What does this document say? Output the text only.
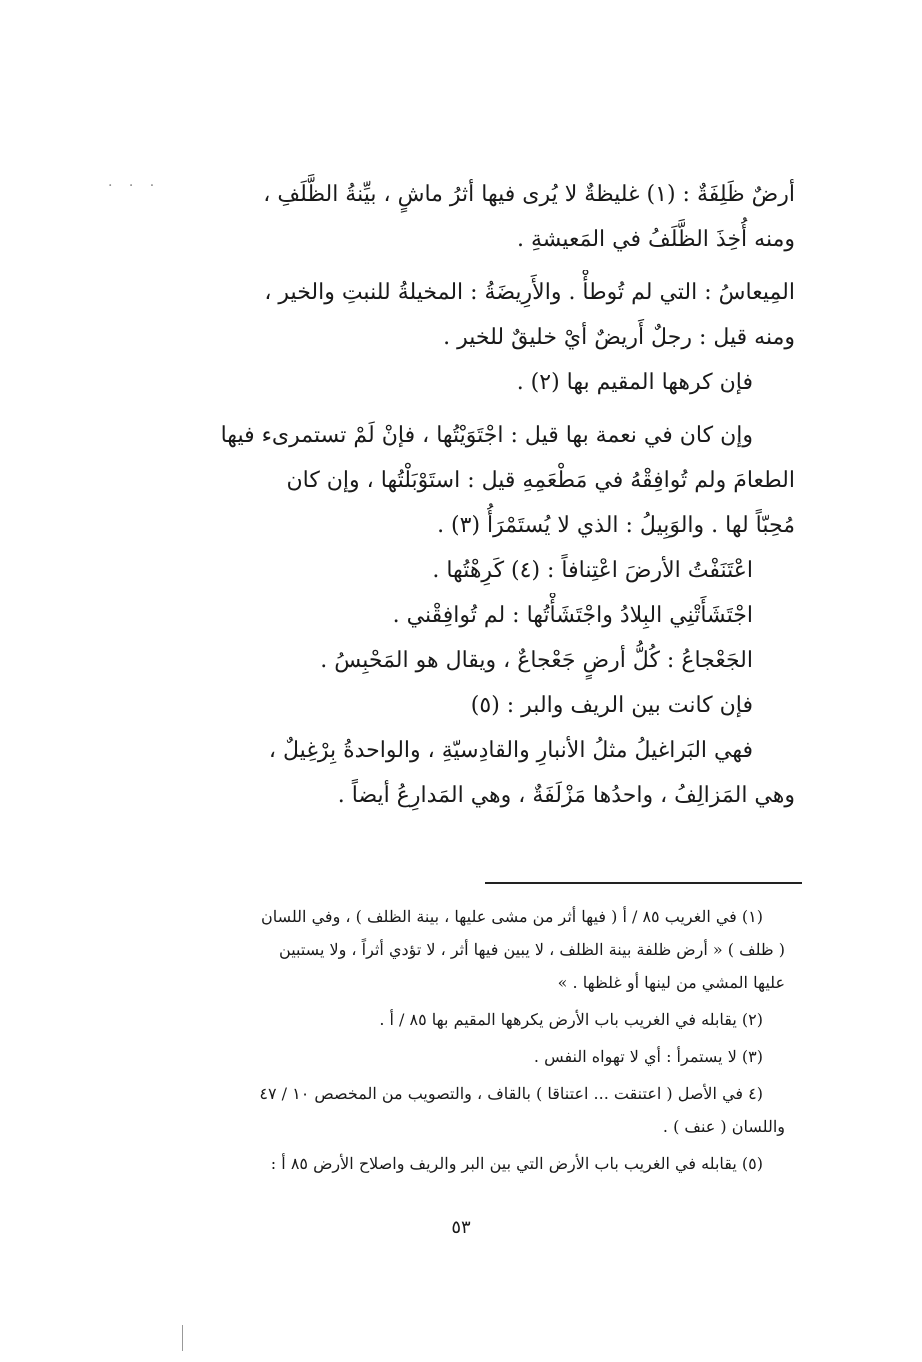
· · ·	أرضٌ ظَلِفَةٌ : (١) غليظةٌ لا يُرى فيها أثرُ ماشٍ ، بيِّنةُ الظَّلَفِ ،
ومنه أُخِذَ الظَّلَفُ في المَعيشةِ .
المِيعاسُ : التي لم تُوطأْ . والأَرِيضَةُ : المخيلةُ للنبتِ والخير ،
ومنه قيل : رجلٌ أَريضٌ أيْ خليقٌ للخير .
فإن كرهها المقيم بها (٢) .
وإن كان في نعمة بها قيل : اجْتَوَيْتُها ، فإنْ لَمْ تستمرىء فيها
الطعامَ ولم تُوافِقْهُ في مَطْعَمِهِ قيل : استَوْبَلْتُها ، وإن كان
مُحِبّاً لها . والوَبِيلُ : الذي لا يُستَمْرَأُ (٣) .
اعْتَنَفْتُ الأرضَ اعْتِنافاً : (٤) كَرِهْتُها .
اجْتَشَأَتْنِي البِلادُ واجْتَشَأْتُها : لم تُوافِقْني .
الجَعْجاعُ : كُلُّ أرضٍ جَعْجاعٌ ، ويقال هو المَحْبِسُ .
فإن كانت بين الريف والبر : (٥)
فهي البَراغيلُ مثلُ الأنبارِ والقادِسيّةِ ، والواحدةُ بِرْغِيلٌ ،
وهي المَزالِفُ ، واحدُها مَزْلَفَةٌ ، وهي المَدارِعُ أيضاً .
(١) في الغريب ٨٥ / أ ( فيها أثر من مشى عليها ، بينة الظلف ) ، وفي اللسان
( ظلف ) « أرض ظلفة بينة الظلف ، لا يبين فيها أثر ، لا تؤدي أثراً ، ولا يستبين
عليها المشي من لينها أو غلظها . »
(٢) يقابله في الغريب باب الأرض يكرهها المقيم بها ٨٥ / أ .
(٣) لا يستمرأ : أي لا تهواه النفس .
(٤ في الأصل ( اعتنقت ... اعتناقا ) بالقاف ، والتصويب من المخصص ١٠ / ٤٧
واللسان ( عنف ) .
(٥) يقابله في الغريب باب الأرض التي بين البر والريف واصلاح الأرض ٨٥ أ :
٥٣
